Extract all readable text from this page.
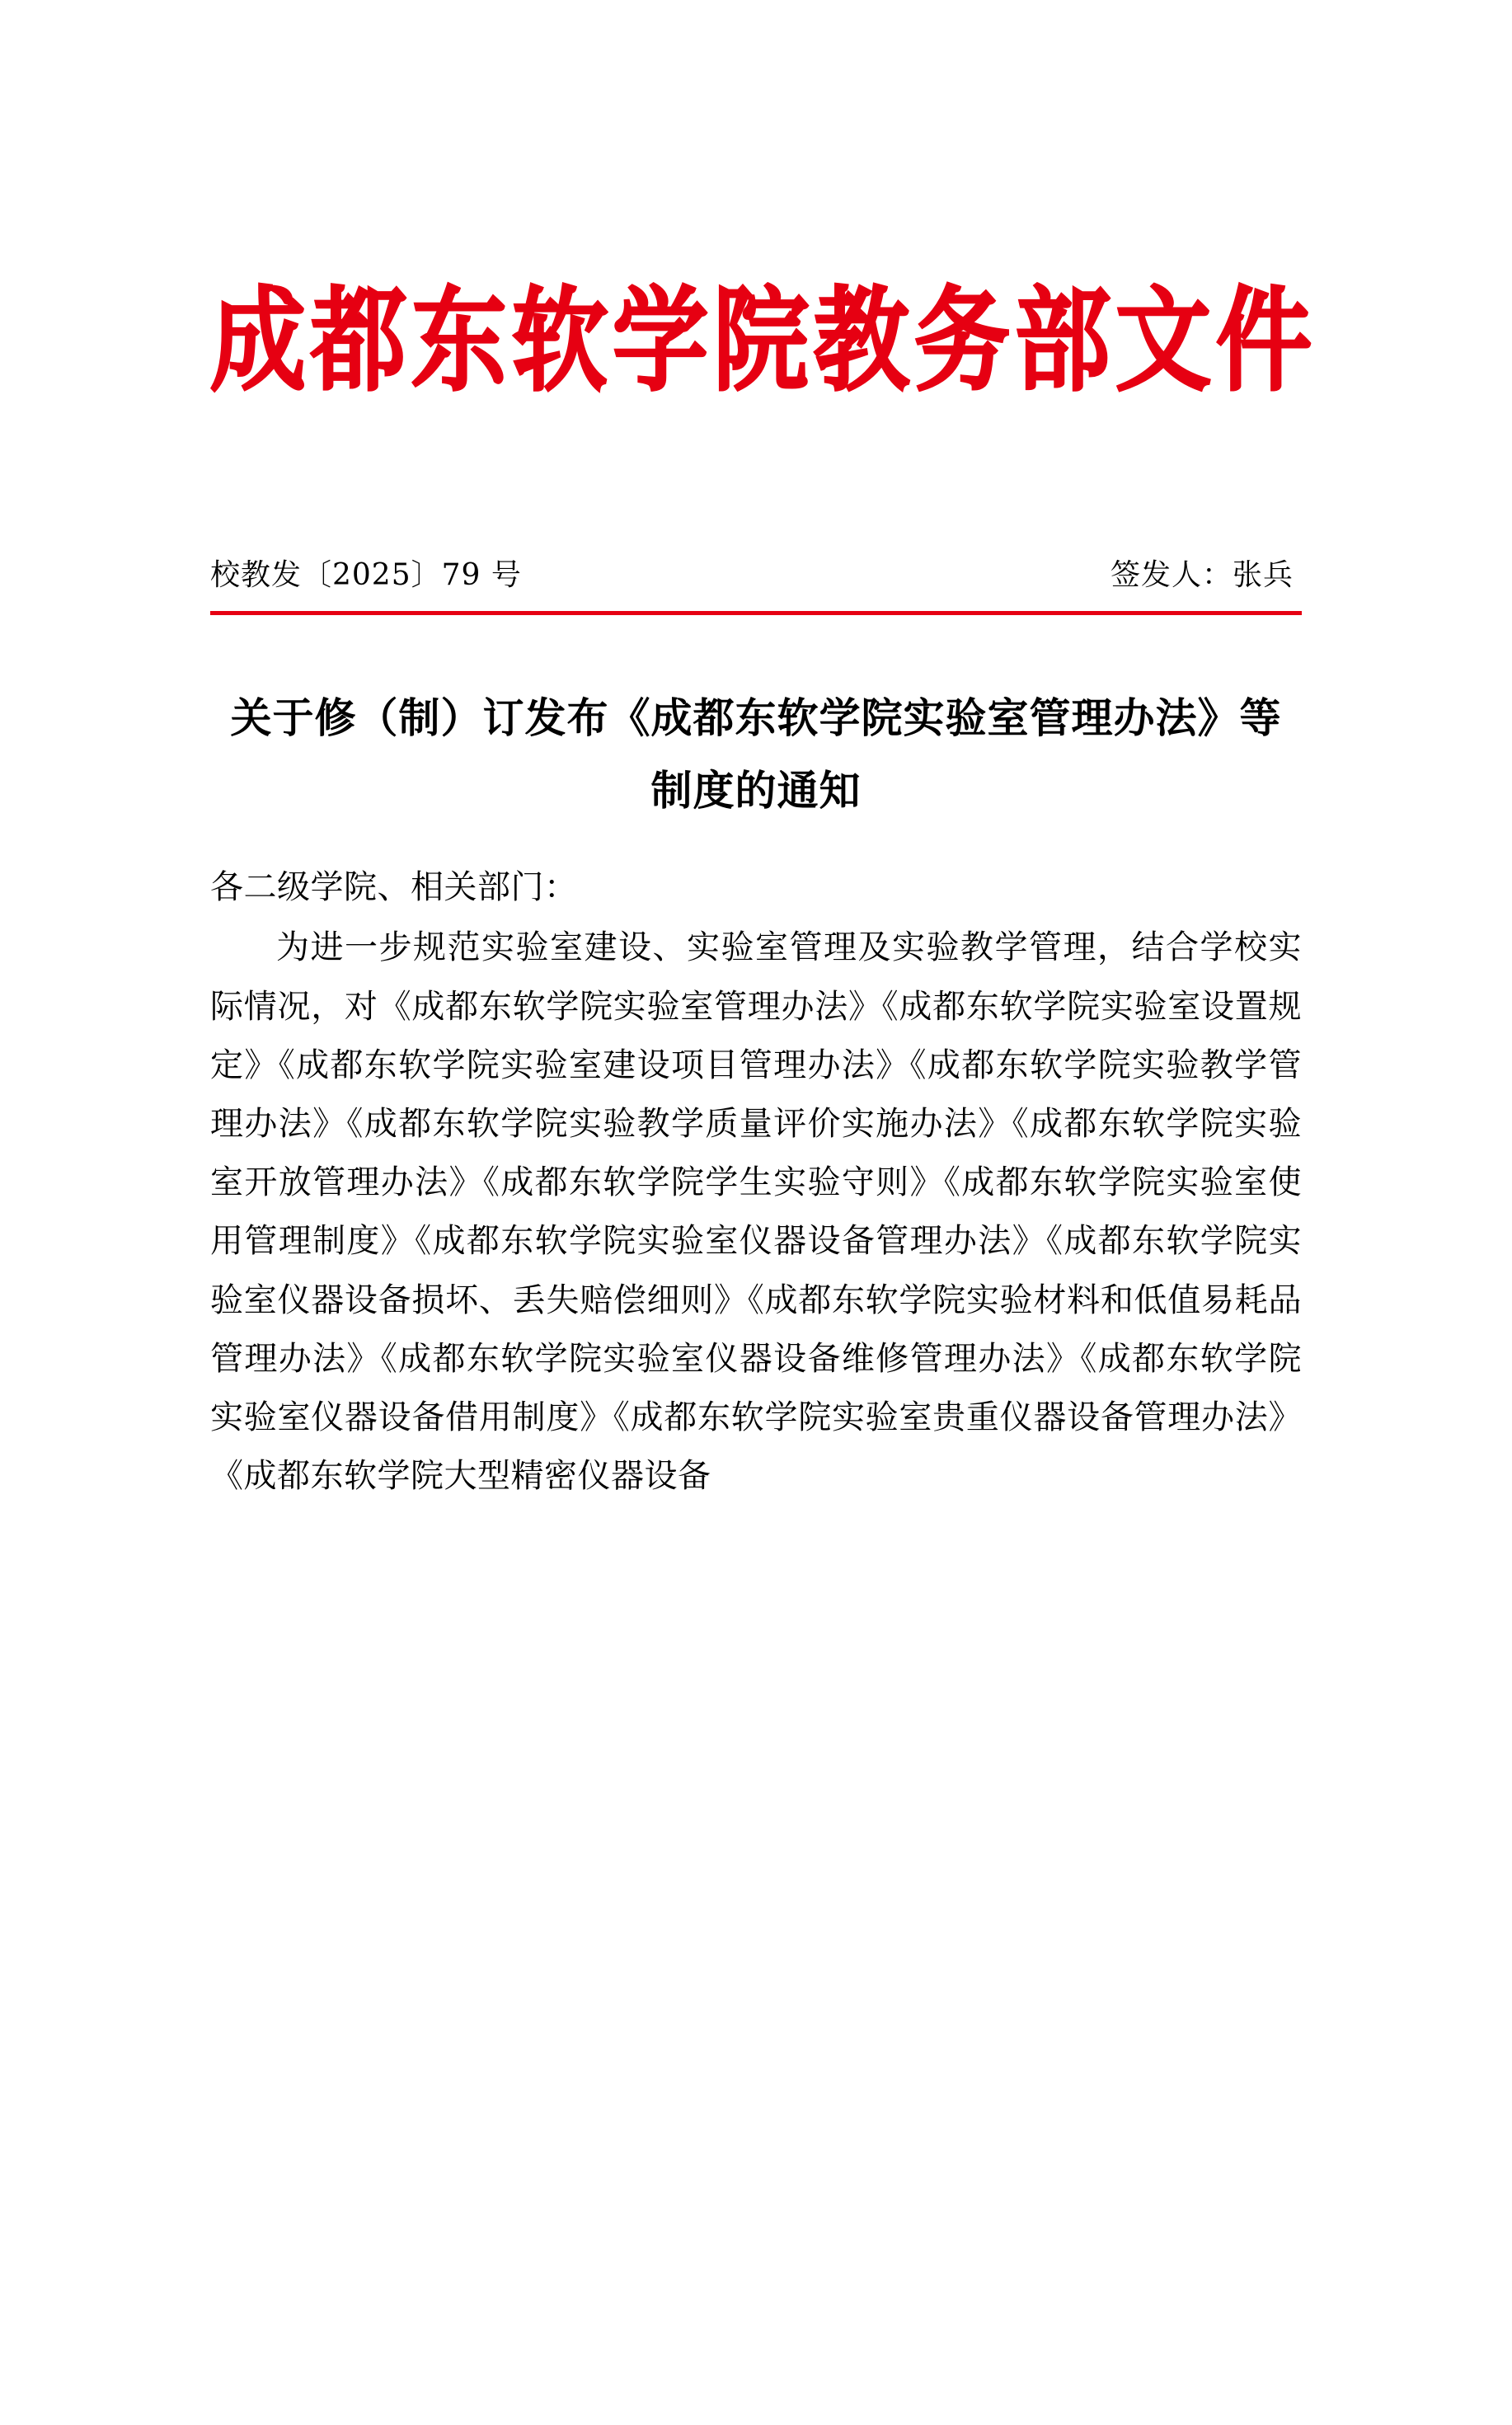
成都东软学院教务部文件
校教发〔2025〕79 号	签发人：张兵
关于修（制）订发布《成都东软学院实验室管理办法》等制度的通知

各二级学院、相关部门：

为进一步规范实验室建设、实验室管理及实验教学管理，结合学校实际情况，对《成都东软学院实验室管理办法》《成都东软学院实验室设置规定》《成都东软学院实验室建设项目管理办法》《成都东软学院实验教学管理办法》《成都东软学院实验教学质量评价实施办法》《成都东软学院实验室开放管理办法》《成都东软学院学生实验守则》《成都东软学院实验室使用管理制度》《成都东软学院实验室仪器设备管理办法》《成都东软学院实验室仪器设备损坏、丢失赔偿细则》《成都东软学院实验材料和低值易耗品管理办法》《成都东软学院实验室仪器设备维修管理办法》《成都东软学院实验室仪器设备借用制度》《成都东软学院实验室贵重仪器设备管理办法》《成都东软学院大型精密仪器设备
